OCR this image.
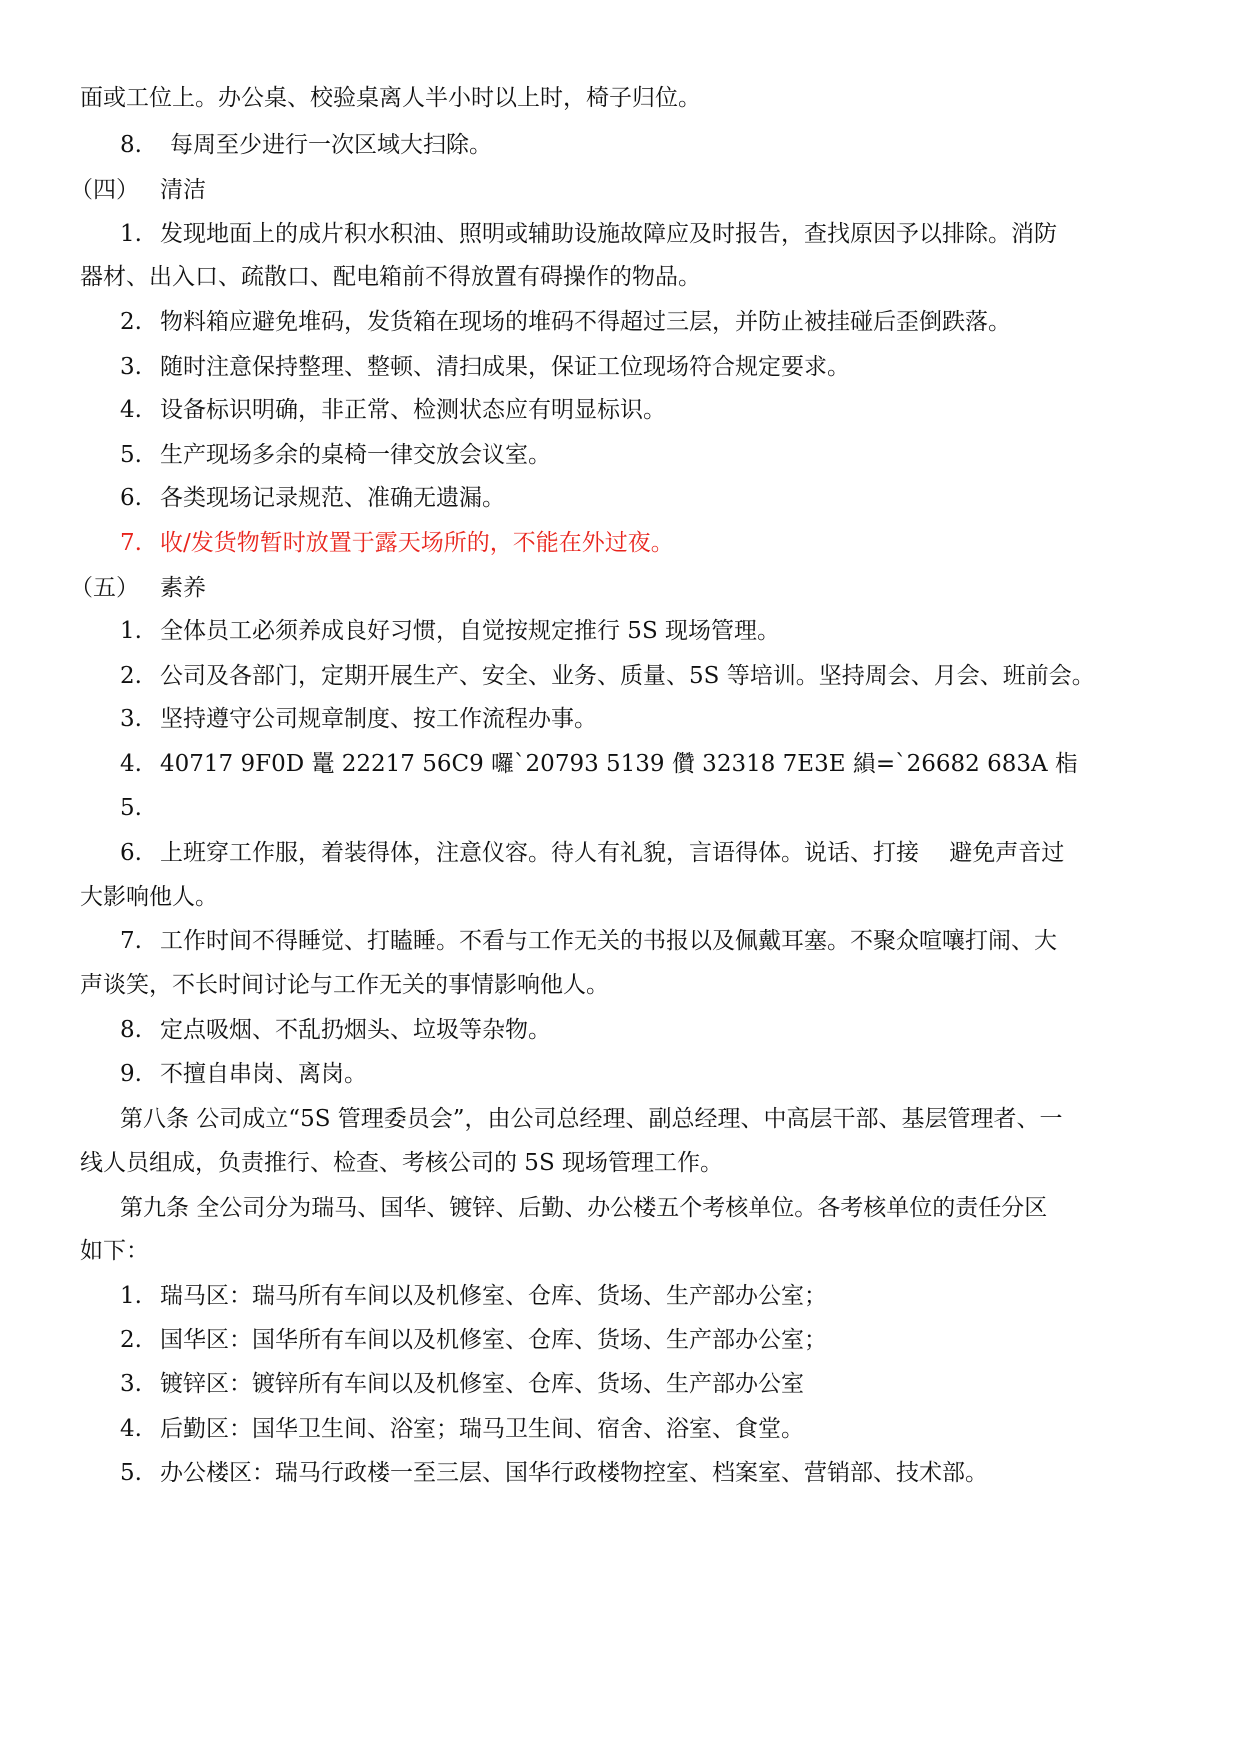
面或工位上。办公桌、校验桌离人半小时以上时，椅子归位。
8. 每周至少进行一次区域大扫除。
（四） 清洁
1. 发现地面上的成片积水积油、照明或辅助设施故障应及时报告，查找原因予以排除。消防
器材、出入口、疏散口、配电箱前不得放置有碍操作的物品。
2. 物料箱应避免堆码，发货箱在现场的堆码不得超过三层，并防止被挂碰后歪倒跌落。
3. 随时注意保持整理、整顿、清扫成果，保证工位现场符合规定要求。
4. 设备标识明确，非正常、检测状态应有明显标识。
5. 生产现场多余的桌椅一律交放会议室。
6. 各类现场记录规范、准确无遗漏。
7. 收/发货物暂时放置于露天场所的，不能在外过夜。
（五） 素养
1. 全体员工必须养成良好习惯，自觉按规定推行 5S 现场管理。
2. 公司及各部门，定期开展生产、安全、业务、质量、5S 等培训。坚持周会、月会、班前会。
3. 坚持遵守公司规章制度、按工作流程办事。
4. 40717 9F0D 鼍 22217 56C9 囉`20793 5139 儹 32318 7E3E 縜=`26682 683A 栺
5.
6. 上班穿工作服，着装得体，注意仪容。待人有礼貌，言语得体。说话、打接　 避免声音过
大影响他人。
7. 工作时间不得睡觉、打瞌睡。不看与工作无关的书报以及佩戴耳塞。不聚众喧嚷打闹、大
声谈笑，不长时间讨论与工作无关的事情影响他人。
8. 定点吸烟、不乱扔烟头、垃圾等杂物。
9. 不擅自串岗、离岗。
第八条 公司成立“5S 管理委员会”，由公司总经理、副总经理、中高层干部、基层管理者、一
线人员组成，负责推行、检查、考核公司的 5S 现场管理工作。
第九条 全公司分为瑞马、国华、镀锌、后勤、办公楼五个考核单位。各考核单位的责任分区
如下：
1. 瑞马区：瑞马所有车间以及机修室、仓库、货场、生产部办公室；
2. 国华区：国华所有车间以及机修室、仓库、货场、生产部办公室；
3. 镀锌区：镀锌所有车间以及机修室、仓库、货场、生产部办公室
4. 后勤区：国华卫生间、浴室；瑞马卫生间、宿舍、浴室、食堂。
5. 办公楼区：瑞马行政楼一至三层、国华行政楼物控室、档案室、营销部、技术部。
